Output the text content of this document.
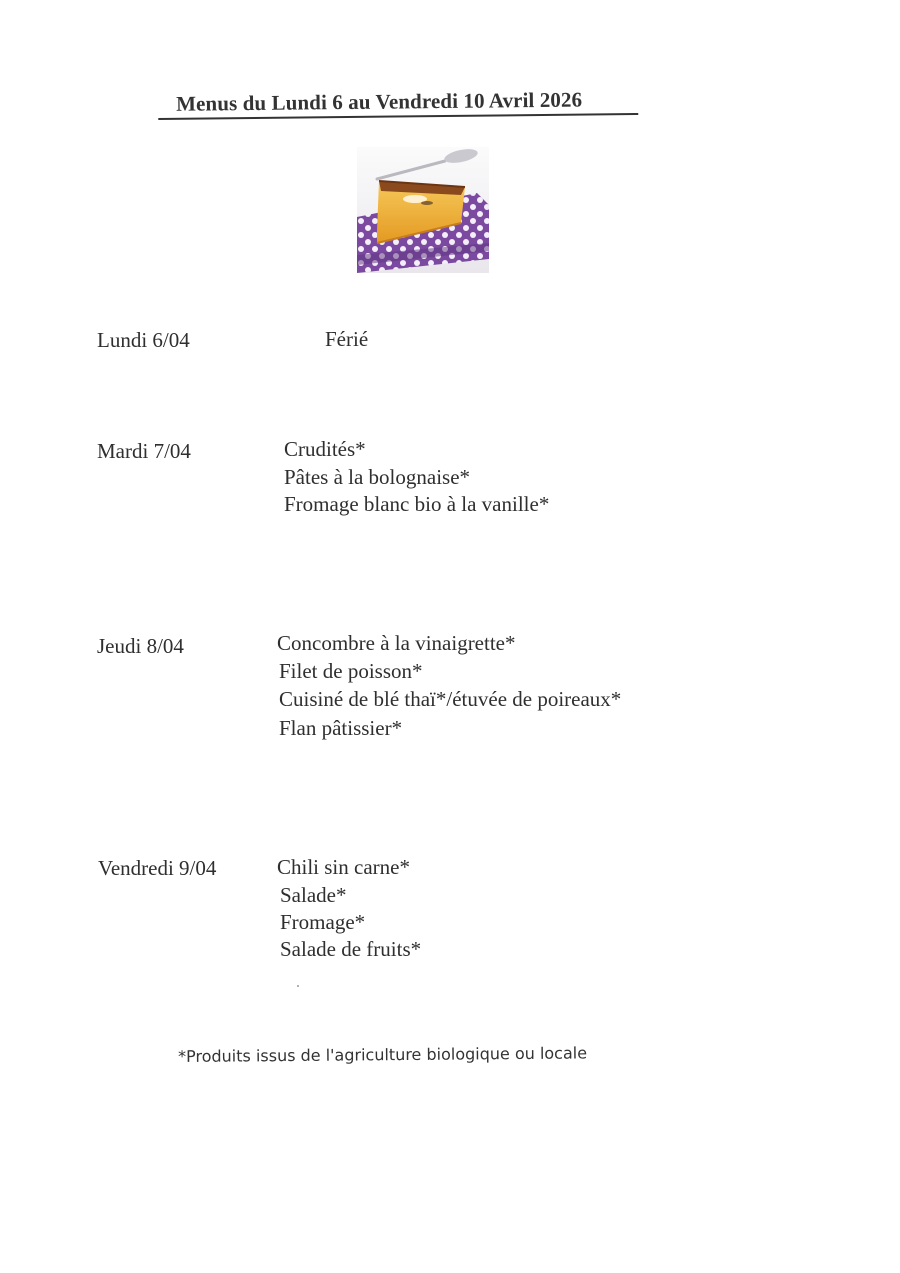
Menus du Lundi 6 au Vendredi 10 Avril 2026
Lundi 6/04	Férié
Mardi 7/04	Crudités*
Pâtes à la bolognaise*
Fromage blanc bio à la vanille*
Jeudi 8/04	Concombre à la vinaigrette*
Filet de poisson*
Cuisiné de blé thaï*/étuvée de poireaux*
Flan pâtissier*
Vendredi 9/04	Chili sin carne*
Salade*
Fromage*
Salade de fruits*
*Produits issus de l'agriculture biologique ou locale
